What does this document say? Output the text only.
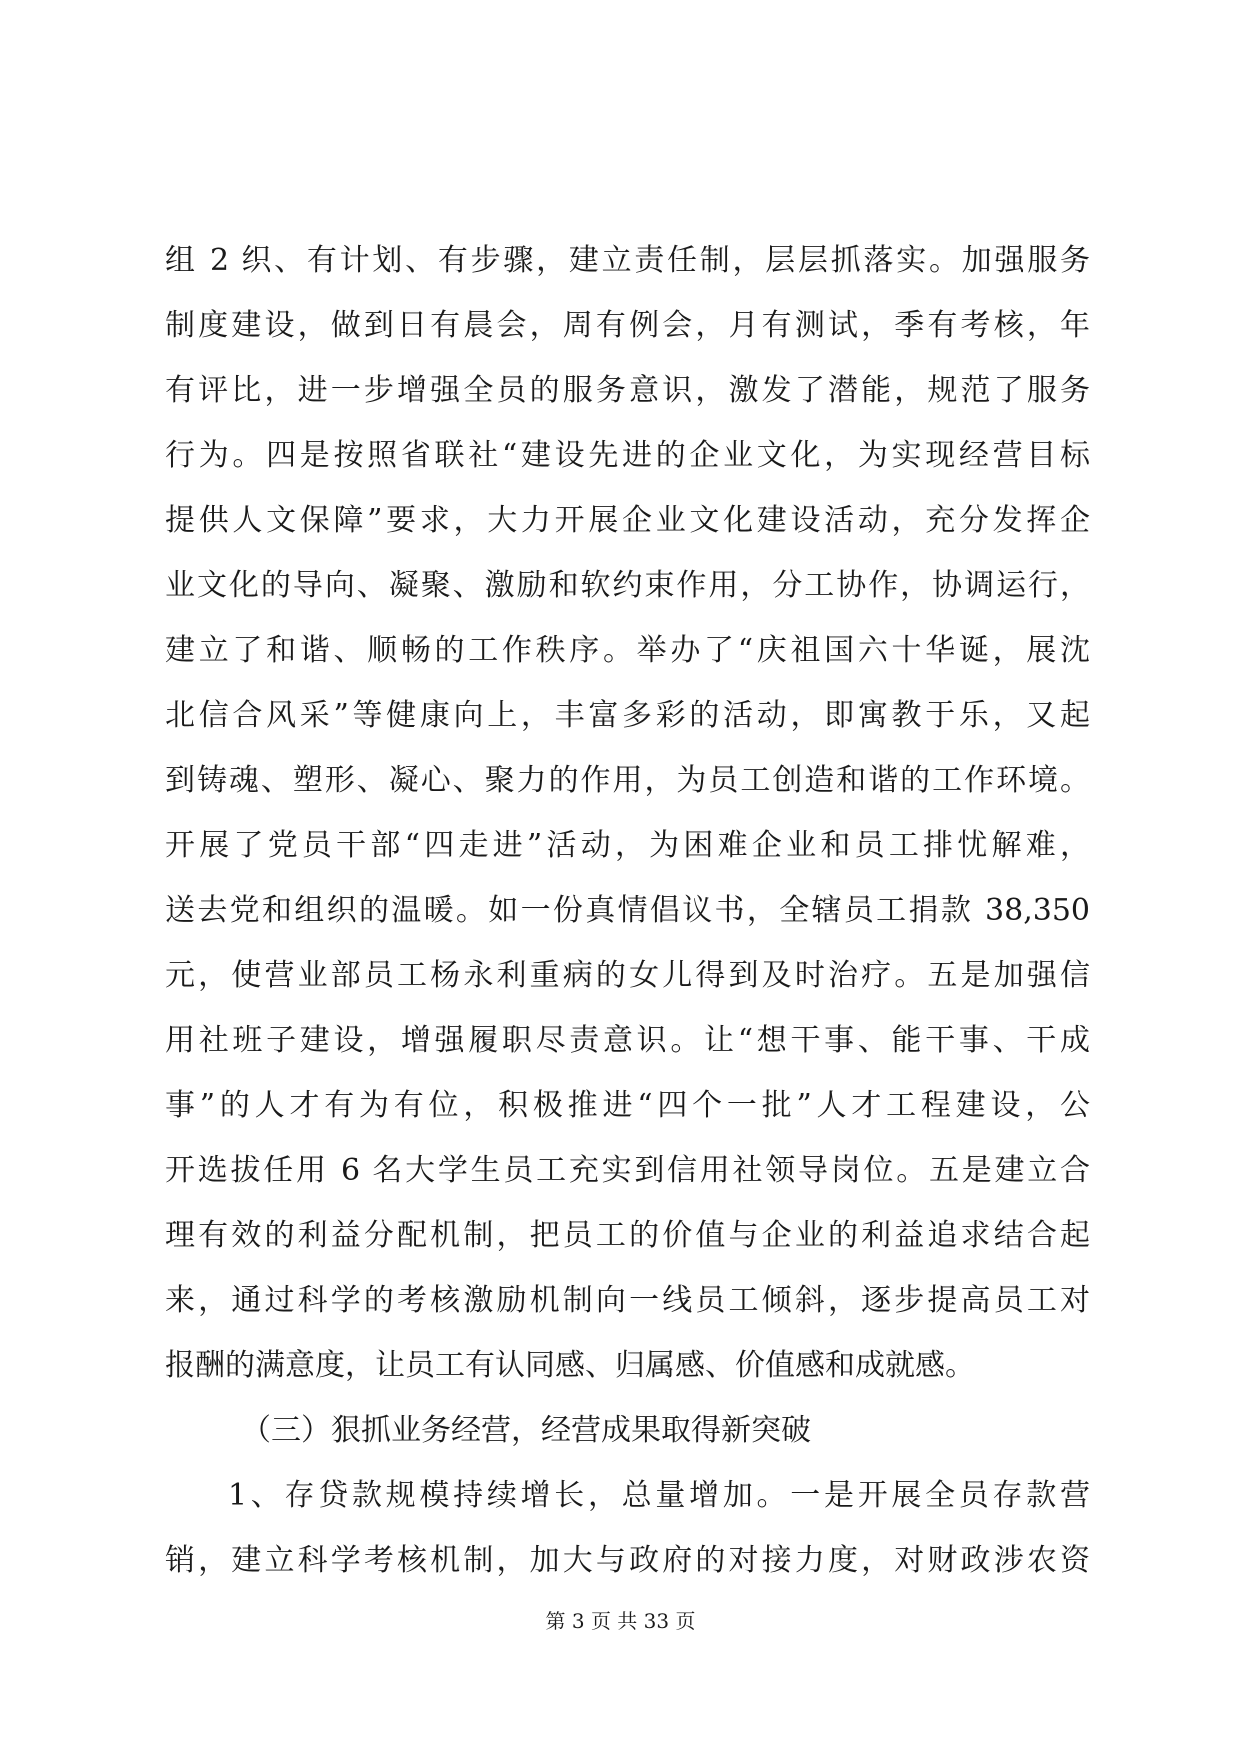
组 2 织、有计划、有步骤，建立责任制，层层抓落实。加强服务
制度建设，做到日有晨会，周有例会，月有测试，季有考核，年
有评比，进一步增强全员的服务意识，激发了潜能，规范了服务
行为。四是按照省联社“建设先进的企业文化，为实现经营目标
提供人文保障”要求，大力开展企业文化建设活动，充分发挥企
业文化的导向、凝聚、激励和软约束作用，分工协作，协调运行，
建立了和谐、顺畅的工作秩序。举办了“庆祖国六十华诞，展沈
北信合风采”等健康向上，丰富多彩的活动，即寓教于乐，又起
到铸魂、塑形、凝心、聚力的作用，为员工创造和谐的工作环境。
开展了党员干部“四走进”活动，为困难企业和员工排忧解难，
送去党和组织的温暖。如一份真情倡议书，全辖员工捐款 38,350
元，使营业部员工杨永利重病的女儿得到及时治疗。五是加强信
用社班子建设，增强履职尽责意识。让“想干事、能干事、干成
事”的人才有为有位，积极推进“四个一批”人才工程建设，公
开选拔任用 6 名大学生员工充实到信用社领导岗位。五是建立合
理有效的利益分配机制，把员工的价值与企业的利益追求结合起
来，通过科学的考核激励机制向一线员工倾斜，逐步提高员工对
报酬的满意度，让员工有认同感、归属感、价值感和成就感。
（三）狠抓业务经营，经营成果取得新突破
1、存贷款规模持续增长，总量增加。一是开展全员存款营
销，建立科学考核机制，加大与政府的对接力度，对财政涉农资
第 3 页 共 33 页
